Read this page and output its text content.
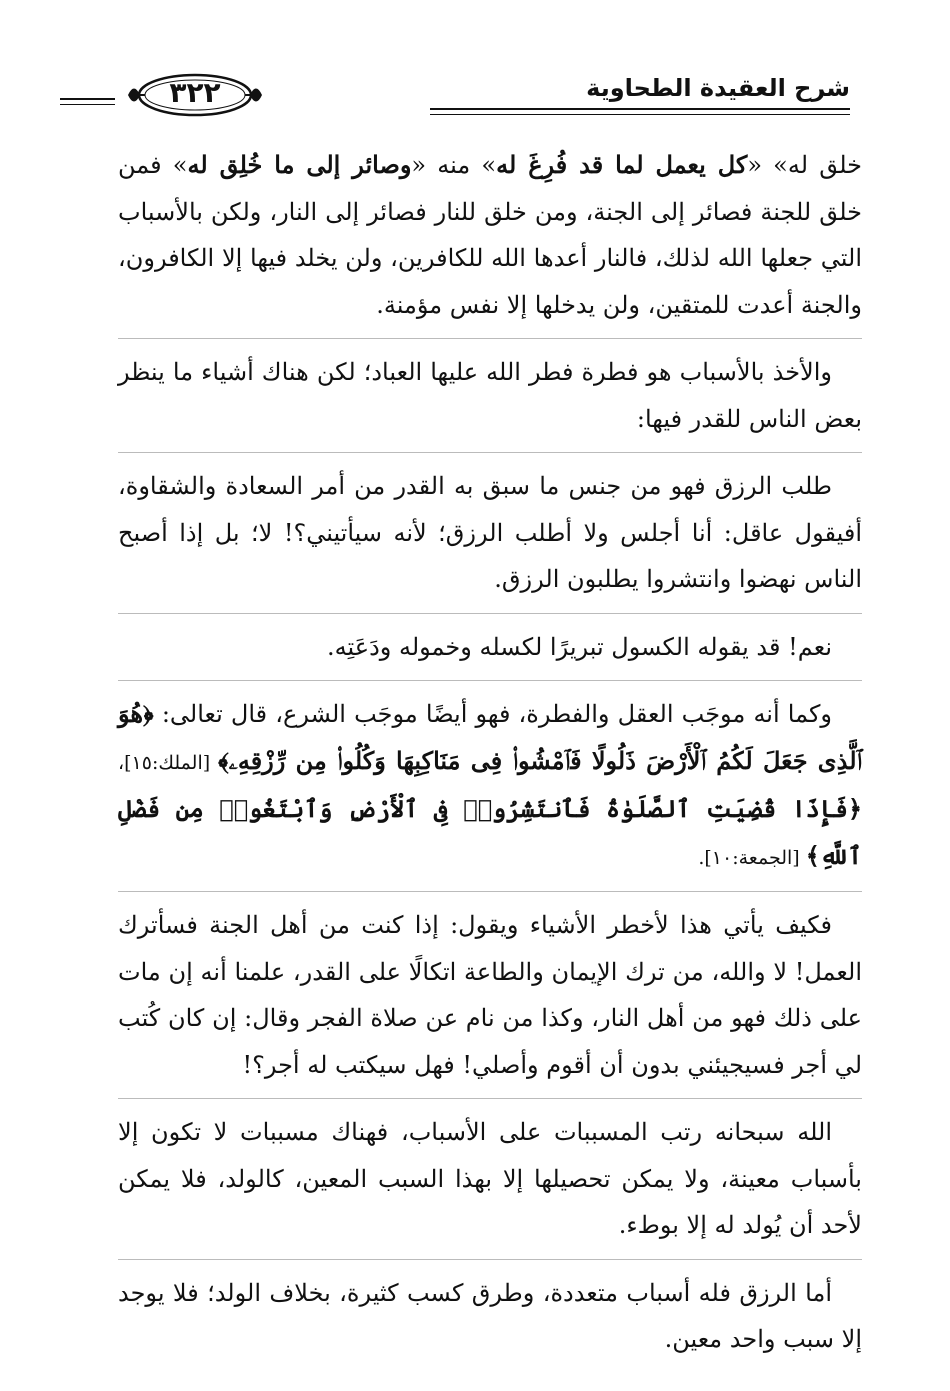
شرح العقيدة الطحاوية
٣٢٢

خلق له» «كل يعمل لما قد فُرِغَ له» منه «وصائر إلى ما خُلِق له» فمن خلق للجنة فصائر إلى الجنة، ومن خلق للنار فصائر إلى النار، ولكن بالأسباب التي جعلها الله لذلك، فالنار أعدها الله للكافرين، ولن يخلد فيها إلا الكافرون، والجنة أعدت للمتقين، ولن يدخلها إلا نفس مؤمنة.

والأخذ بالأسباب هو فطرة فطر الله عليها العباد؛ لكن هناك أشياء ما ينظر بعض الناس للقدر فيها:

طلب الرزق فهو من جنس ما سبق به القدر من أمر السعادة والشقاوة، أفيقول عاقل: أنا أجلس ولا أطلب الرزق؛ لأنه سيأتيني؟! لا؛ بل إذا أصبح الناس نهضوا وانتشروا يطلبون الرزق.

نعم! قد يقوله الكسول تبريرًا لكسله وخموله ودَعَتِه.

وكما أنه موجَب العقل والفطرة، فهو أيضًا موجَب الشرع، قال تعالى: ﴿هُوَ ٱلَّذِى جَعَلَ لَكُمُ ٱلْأَرْضَ ذَلُولًا فَٱمْشُوا۟ فِى مَنَاكِبِهَا وَكُلُوا۟ مِن رِّزْقِهِۦ﴾ [الملك:١٥]، ﴿فَإِذَا قُضِيَتِ ٱلصَّلَوٰةُ فَٱنتَشِرُوا۟ فِى ٱلْأَرْضِ وَٱبْتَغُوا۟ مِن فَضْلِ ٱللَّهِ﴾ [الجمعة:١٠].

فكيف يأتي هذا لأخطر الأشياء ويقول: إذا كنت من أهل الجنة فسأترك العمل! لا والله، من ترك الإيمان والطاعة اتكالًا على القدر، علمنا أنه إن مات على ذلك فهو من أهل النار، وكذا من نام عن صلاة الفجر وقال: إن كان كُتب لي أجر فسيجيئني بدون أن أقوم وأصلي! فهل سيكتب له أجر؟!

الله سبحانه رتب المسببات على الأسباب، فهناك مسببات لا تكون إلا بأسباب معينة، ولا يمكن تحصيلها إلا بهذا السبب المعين، كالولد، فلا يمكن لأحد أن يُولد له إلا بوطء.

أما الرزق فله أسباب متعددة، وطرق كسب كثيرة، بخلاف الولد؛ فلا يوجد إلا سبب واحد معين.
